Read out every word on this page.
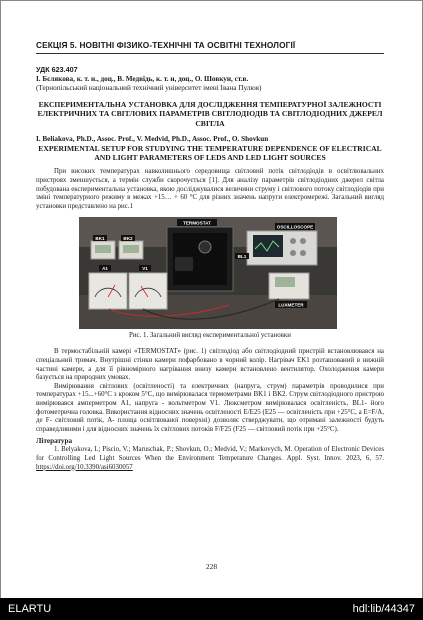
СЕКЦІЯ 5. НОВІТНІ ФІЗИКО-ТЕХНІЧНІ ТА ОСВІТНІ ТЕХНОЛОГІЇ
УДК 623.407
І. Бєлякова, к. т. н., доц., В. Медвідь, к. т. н, доц., О. Шовкун, ст.в.
(Тернопільський національний технічний університет імені Івана Пулюя)
ЕКСПЕРИМЕНТАЛЬНА УСТАНОВКА ДЛЯ ДОСЛІДЖЕННЯ ТЕМПЕРАТУРНОЇ ЗАЛЕЖНОСТІ ЕЛЕКТРИЧНИХ ТА СВІТЛОВИХ ПАРАМЕТРІВ СВІТЛОДІОДІВ ТА СВІТЛОДІОДНИХ ДЖЕРЕЛ СВІТЛА
I. Beliakova, Ph.D., Assoc. Prof., V. Medvid, Ph.D., Assoc. Prof., O. Shovkun
EXPERIMENTAL SETUP FOR STUDYING THE TEMPERATURE DEPENDENCE OF ELECTRICAL AND LIGHT PARAMETERS OF LEDS AND LED LIGHT SOURCES

При високих температурах навколишнього середовища світловий потік світлодіодів в освітлювальних пристроях зменшується, а термін служби скорочується [1]. Для аналізу параметрів світлодіодних джерел світла побудована експериментальна установка, якою досліджувалися величини струму і світлового потоку світлодіодів при зміні температурного режиму в межах +15… + 60 °С для різних значень напруги електромережі. Загальний вигляд установки представлено на рис.1

OSCILLOSCOPE
LUXMETER
TERMOSTAT
BK2
BK1
BL1
A1	V1
Рис. 1. Загальний вигляд експериментальної установки

В термостабільній камері «TERMOSTAT» (рис. 1) світлодіод або світлодіодний пристрій встановлювався на спеціальний тримач. Внутрішні стінки камери пофарбовано в чорний колір. Нагрівач EK1 розташований в нижній частині камери, а для її рівномірного нагрівання внизу камери встановлено вентилятор. Охолодження камери базується на природних умовах.

Вимірювання світлових (освітленості) та електричних (напруга, струм) параметрів проводилися при температурах +15...+60°С з кроком 5°С, що вимірювалася термометрами BK1 і BK2. Струм світлодіодного пристрою вимірювався амперметром A1, напруга - вольтметром V1. Люксметром вимірювалася освітленість, BL1- його фотометрична головка. Використання відносних значень освітленості E/E25 (E25 — освітленість при +25°С, а E=F/A, де F- світловий потік, A- площа освітлюваної поверхні) дозволяє стверджувати, що отримані залежності будуть справедливими і для відносних значень їх світлових потоків F/F25 (F25 — світловий потік при +25°С).

Література

1. Belyakova, I.; Piscio, V.; Maruschak, P.; Shovkun, O.; Medvid, V.; Markovych, M. Operation of Electronic Devices for Controlling Led Light Sources When the Environment Temperature Changes. Appl. Syst. Innov. 2023, 6, 57. https://doi.org/10.3390/asi6030057

228
ELARTU	hdl:lib/44347
